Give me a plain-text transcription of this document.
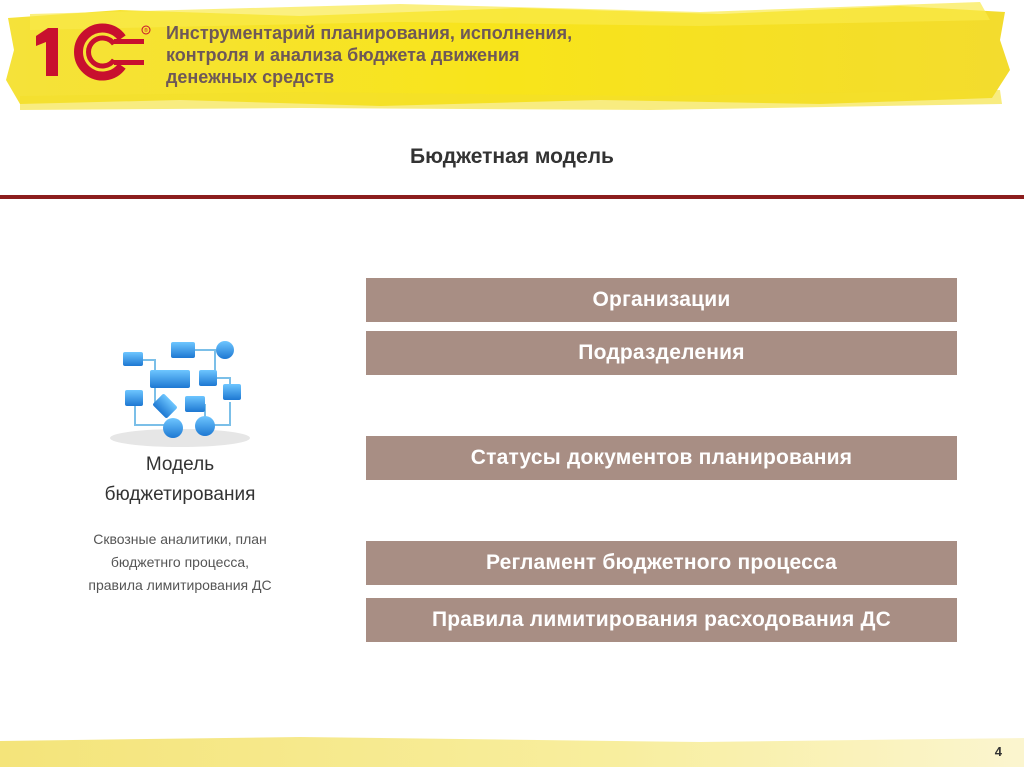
® Инструментарий планирования, исполнения,
контроля и анализа бюджета движения
денежных средств
Бюджетная модель
Модель
бюджетирования
Сквозные аналитики, план
бюджетнго процесса,
правила лимитирования ДС
Организации
Подразделения
Статусы документов планирования
Регламент бюджетного процесса
Правила лимитирования расходования ДС
4
